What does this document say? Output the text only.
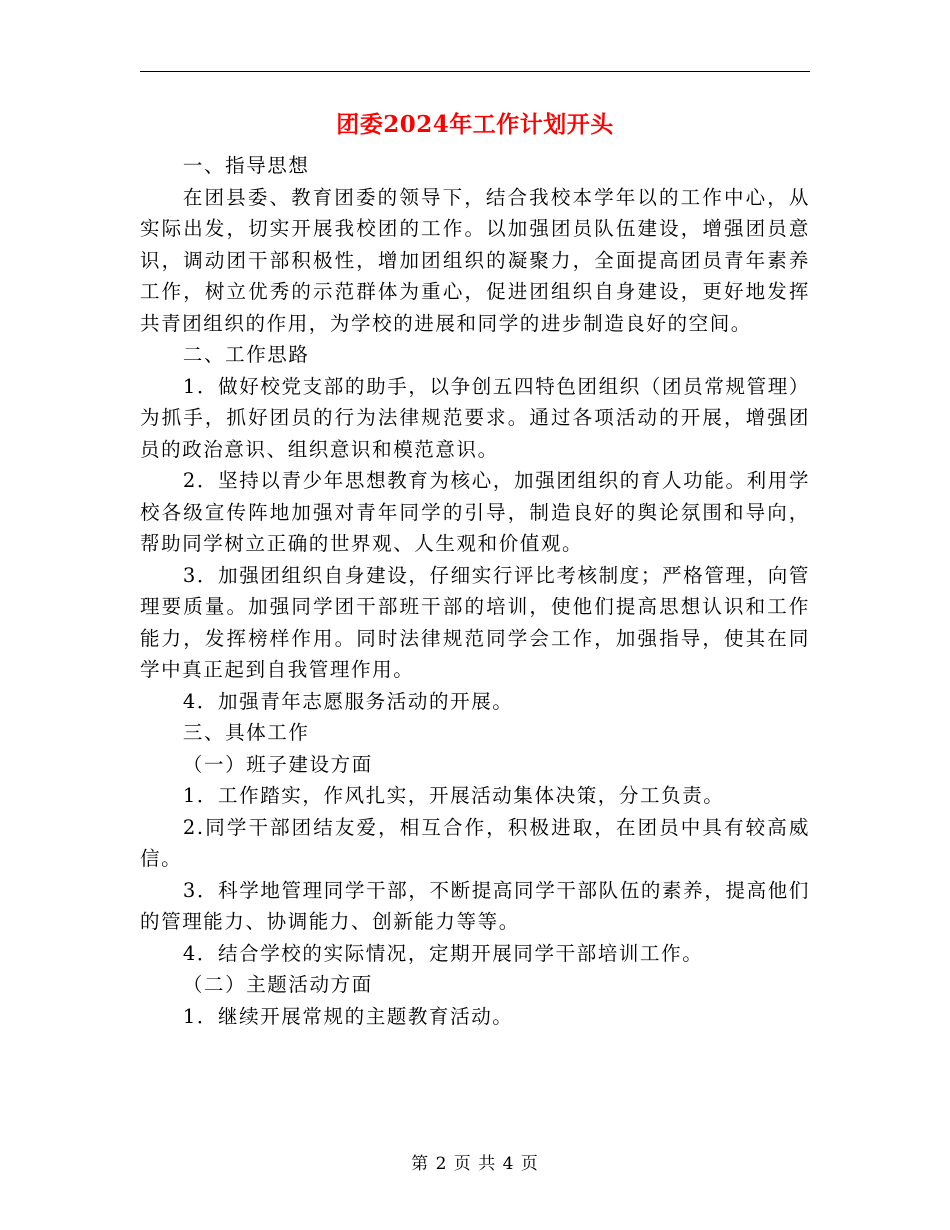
团委2024年工作计划开头

一、指导思想

在团县委、教育团委的领导下，结合我校本学年以的工作中心，从实际出发，切实开展我校团的工作。以加强团员队伍建设，增强团员意识，调动团干部积极性，增加团组织的凝聚力，全面提高团员青年素养工作，树立优秀的示范群体为重心，促进团组织自身建设，更好地发挥共青团组织的作用，为学校的进展和同学的进步制造良好的空间。

二、工作思路

1．做好校党支部的助手，以争创五四特色团组织（团员常规管理）为抓手，抓好团员的行为法律规范要求。通过各项活动的开展，增强团员的政治意识、组织意识和模范意识。

2．坚持以青少年思想教育为核心，加强团组织的育人功能。利用学校各级宣传阵地加强对青年同学的引导，制造良好的舆论氛围和导向，帮助同学树立正确的世界观、人生观和价值观。

3．加强团组织自身建设，仔细实行评比考核制度；严格管理，向管理要质量。加强同学团干部班干部的培训，使他们提高思想认识和工作能力，发挥榜样作用。同时法律规范同学会工作，加强指导，使其在同学中真正起到自我管理作用。

4．加强青年志愿服务活动的开展。

三、具体工作

（一）班子建设方面

1．工作踏实，作风扎实，开展活动集体决策，分工负责。

2.同学干部团结友爱，相互合作，积极进取，在团员中具有较高威信。

3．科学地管理同学干部，不断提高同学干部队伍的素养，提高他们的管理能力、协调能力、创新能力等等。

4．结合学校的实际情况，定期开展同学干部培训工作。

（二）主题活动方面

1．继续开展常规的主题教育活动。

第 2 页 共 4 页
